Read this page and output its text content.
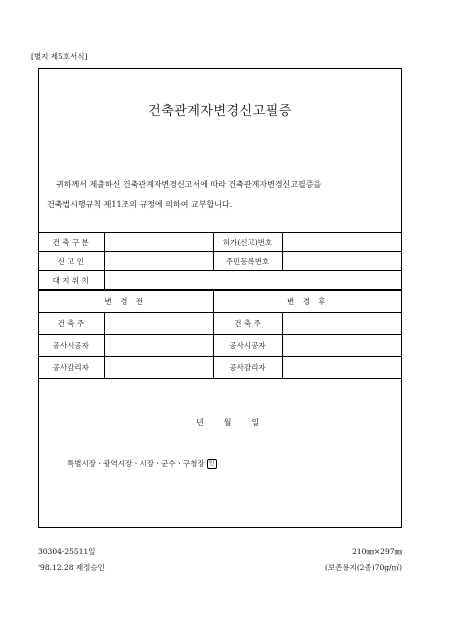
[별지 제5호서식]
건축관계자변경신고필증
귀하께서 제출하신 건축관계자변경신고서에 따라 건축관계자변경신고필증을
건축법시행규칙 제11조의 규정에 의하여 교부합니다.
건 축 구 분		허가(신고)번호	
신 고 인		주민등록번호	
대 지 위 치			
변 경 전		변 경 후	
건 축 주		건 축 주	
공사시공자		공사시공자	
공사감리자		공사감리자	
년	월	일
특별시장ㆍ광역시장ㆍ시장ㆍ군수ㆍ구청장 인
30304-25511일
'98.12.28 제정승인
210㎜×297㎜
(보존용지(2종)70g/㎡)
